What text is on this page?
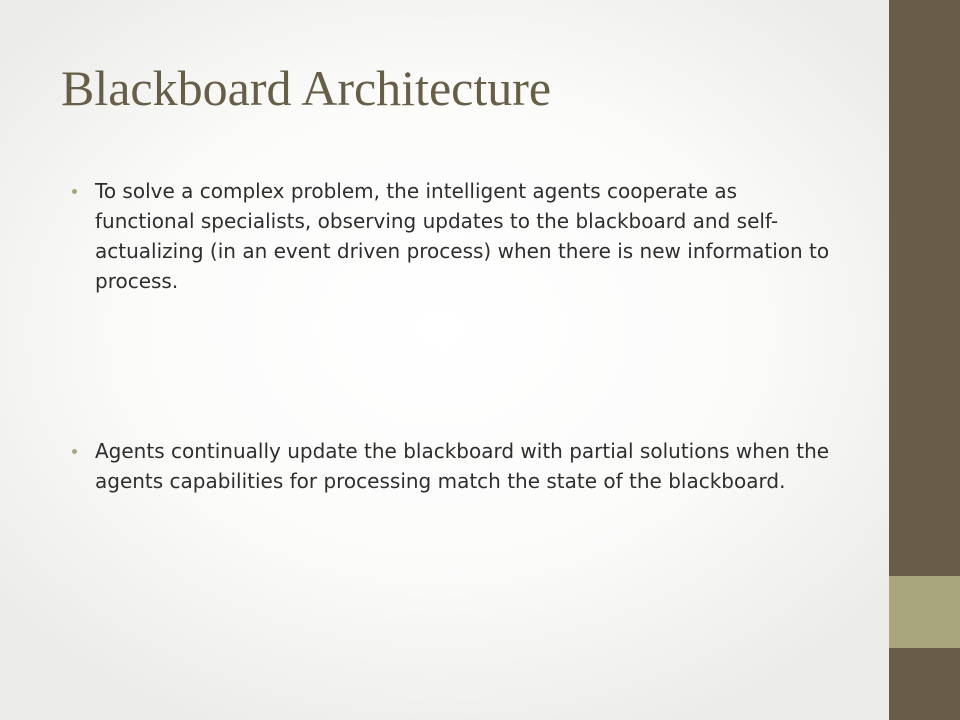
Blackboard Architecture
To solve a complex problem, the intelligent agents cooperate as functional specialists, observing updates to the blackboard and self-actualizing (in an event driven process) when there is new information to process.
Agents continually update the blackboard with partial solutions when the agents capabilities for processing match the state of the blackboard.
